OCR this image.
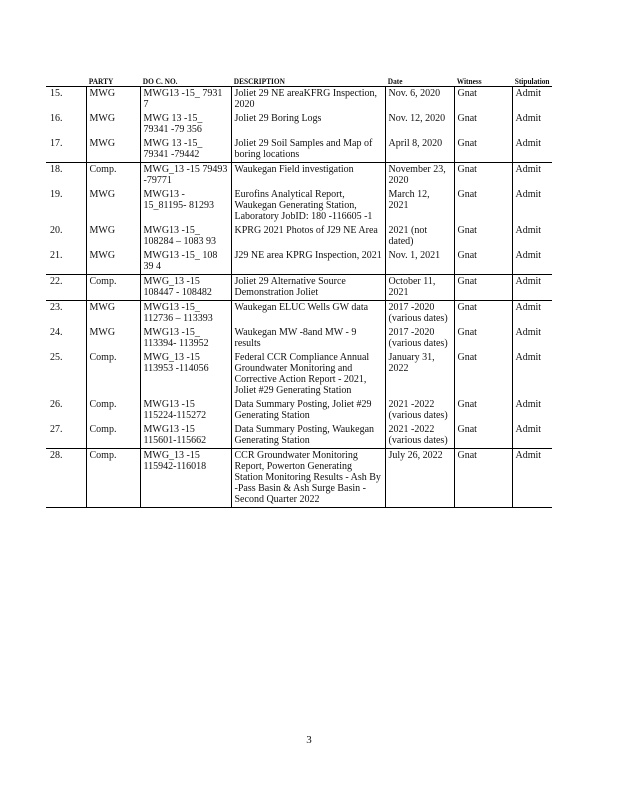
	PARTY	DO C. NO.	DESCRIPTION	Date	Witness	Stipulation
15.	MWG	MWG13 -15_ 7931 7	Joliet 29 NE areaKFRG Inspection, 2020	Nov. 6, 2020	Gnat	Admit
16.	MWG	MWG 13 -15_ 79341 -79 356	Joliet 29 Boring Logs	Nov. 12, 2020	Gnat	Admit
17.	MWG	MWG 13 -15_ 79341 -79442	Joliet 29 Soil Samples and Map of boring locations	April 8, 2020	Gnat	Admit
18.	Comp.	MWG_13 -15 79493 -79771	Waukegan Field investigation	November 23, 2020	Gnat	Admit
19.	MWG	MWG13 - 15_81195- 81293	Eurofins Analytical Report, Waukegan Generating Station, Laboratory JobID: 180 -116605 -1	March 12, 2021	Gnat	Admit
20.	MWG	MWG13 -15_ 108284 – 1083 93	KPRG 2021 Photos of J29 NE Area	2021 (not dated)	Gnat	Admit
21.	MWG	MWG13 -15_ 108 39 4	J29 NE area KPRG Inspection, 2021	Nov. 1, 2021	Gnat	Admit
22.	Comp.	MWG_13 -15 108447 - 108482	Joliet 29 Alternative Source Demonstration Joliet	October 11, 2021	Gnat	Admit
23.	MWG	MWG13 -15_ 112736 – 113393	Waukegan ELUC Wells GW data	2017 -2020 (various dates)	Gnat	Admit
24.	MWG	MWG13 -15_ 113394- 113952	Waukegan MW -8and MW - 9 results	2017 -2020 (various dates)	Gnat	Admit
25.	Comp.	MWG_13 -15 113953 -114056	Federal CCR Compliance Annual Groundwater Monitoring and Corrective Action Report - 2021, Joliet #29 Generating Station	January 31, 2022	Gnat	Admit
26.	Comp.	MWG13 -15 115224-115272	Data Summary Posting, Joliet #29 Generating Station	2021 -2022 (various dates)	Gnat	Admit
27.	Comp.	MWG13 -15 115601-115662	Data Summary Posting, Waukegan Generating Station	2021 -2022 (various dates)	Gnat	Admit
28.	Comp.	MWG_13 -15 115942-116018	CCR Groundwater Monitoring Report, Powerton Generating Station Monitoring Results - Ash By -Pass Basin & Ash Surge Basin -Second Quarter 2022	July 26, 2022	Gnat	Admit
3
